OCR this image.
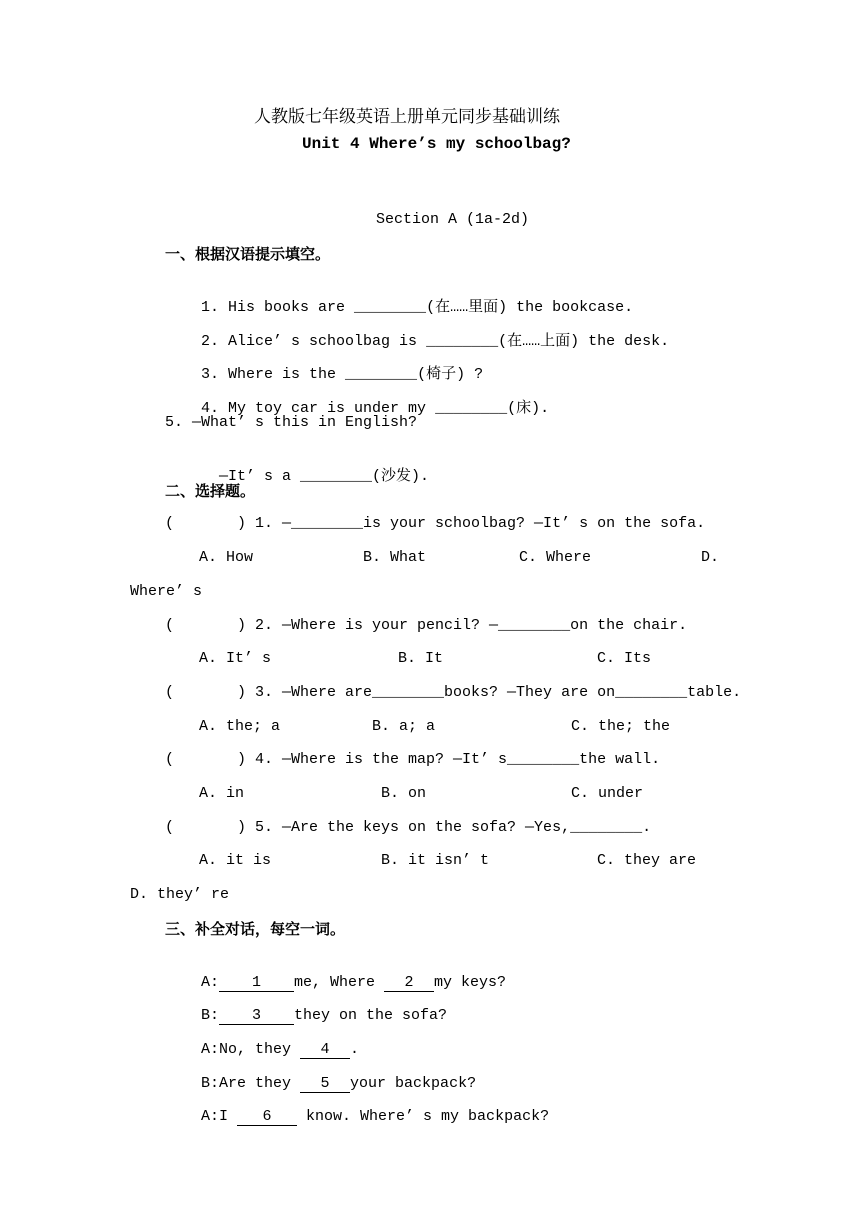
人教版七年级英语上册单元同步基础训练
Unit 4 Where’s my schoolbag?
Section A (1a-2d)
一、根据汉语提示填空。

1. His books are ________(在……里面) the bookcase.

2. Alice’ s schoolbag is ________(在……上面) the desk.

3. Where is the ________(椅子) ?

4. My toy car is under my ________(床).

5. —What’ s this in English?

—It’ s a ________(沙发).

二、选择题。
(       ) 1. —________is your schoolbag? —It’ s on the sofa.
A. How	B. What	C. Where	D.
Where’ s
(       ) 2. —Where is your pencil? —________on the chair.
A. It’ s	B. It	C. Its
(       ) 3. —Where are________books? —They are on________table.
A. the; a	B. a; a	C. the; the
(       ) 4. —Where is the map? —It’ s________the wall.
A. in	B. on	C. under
(       ) 5. —Are the keys on the sofa? —Yes,________.
A. it is	B. it isn’ t	C. they are
D. they’ re
三、补全对话，每空一词。

A: 1 me, Where 2 my keys?

B: 3 they on the sofa?

A:No, they 4 .

B:Are they 5 your backpack?

A:I 6 know. Where’ s my backpack?
